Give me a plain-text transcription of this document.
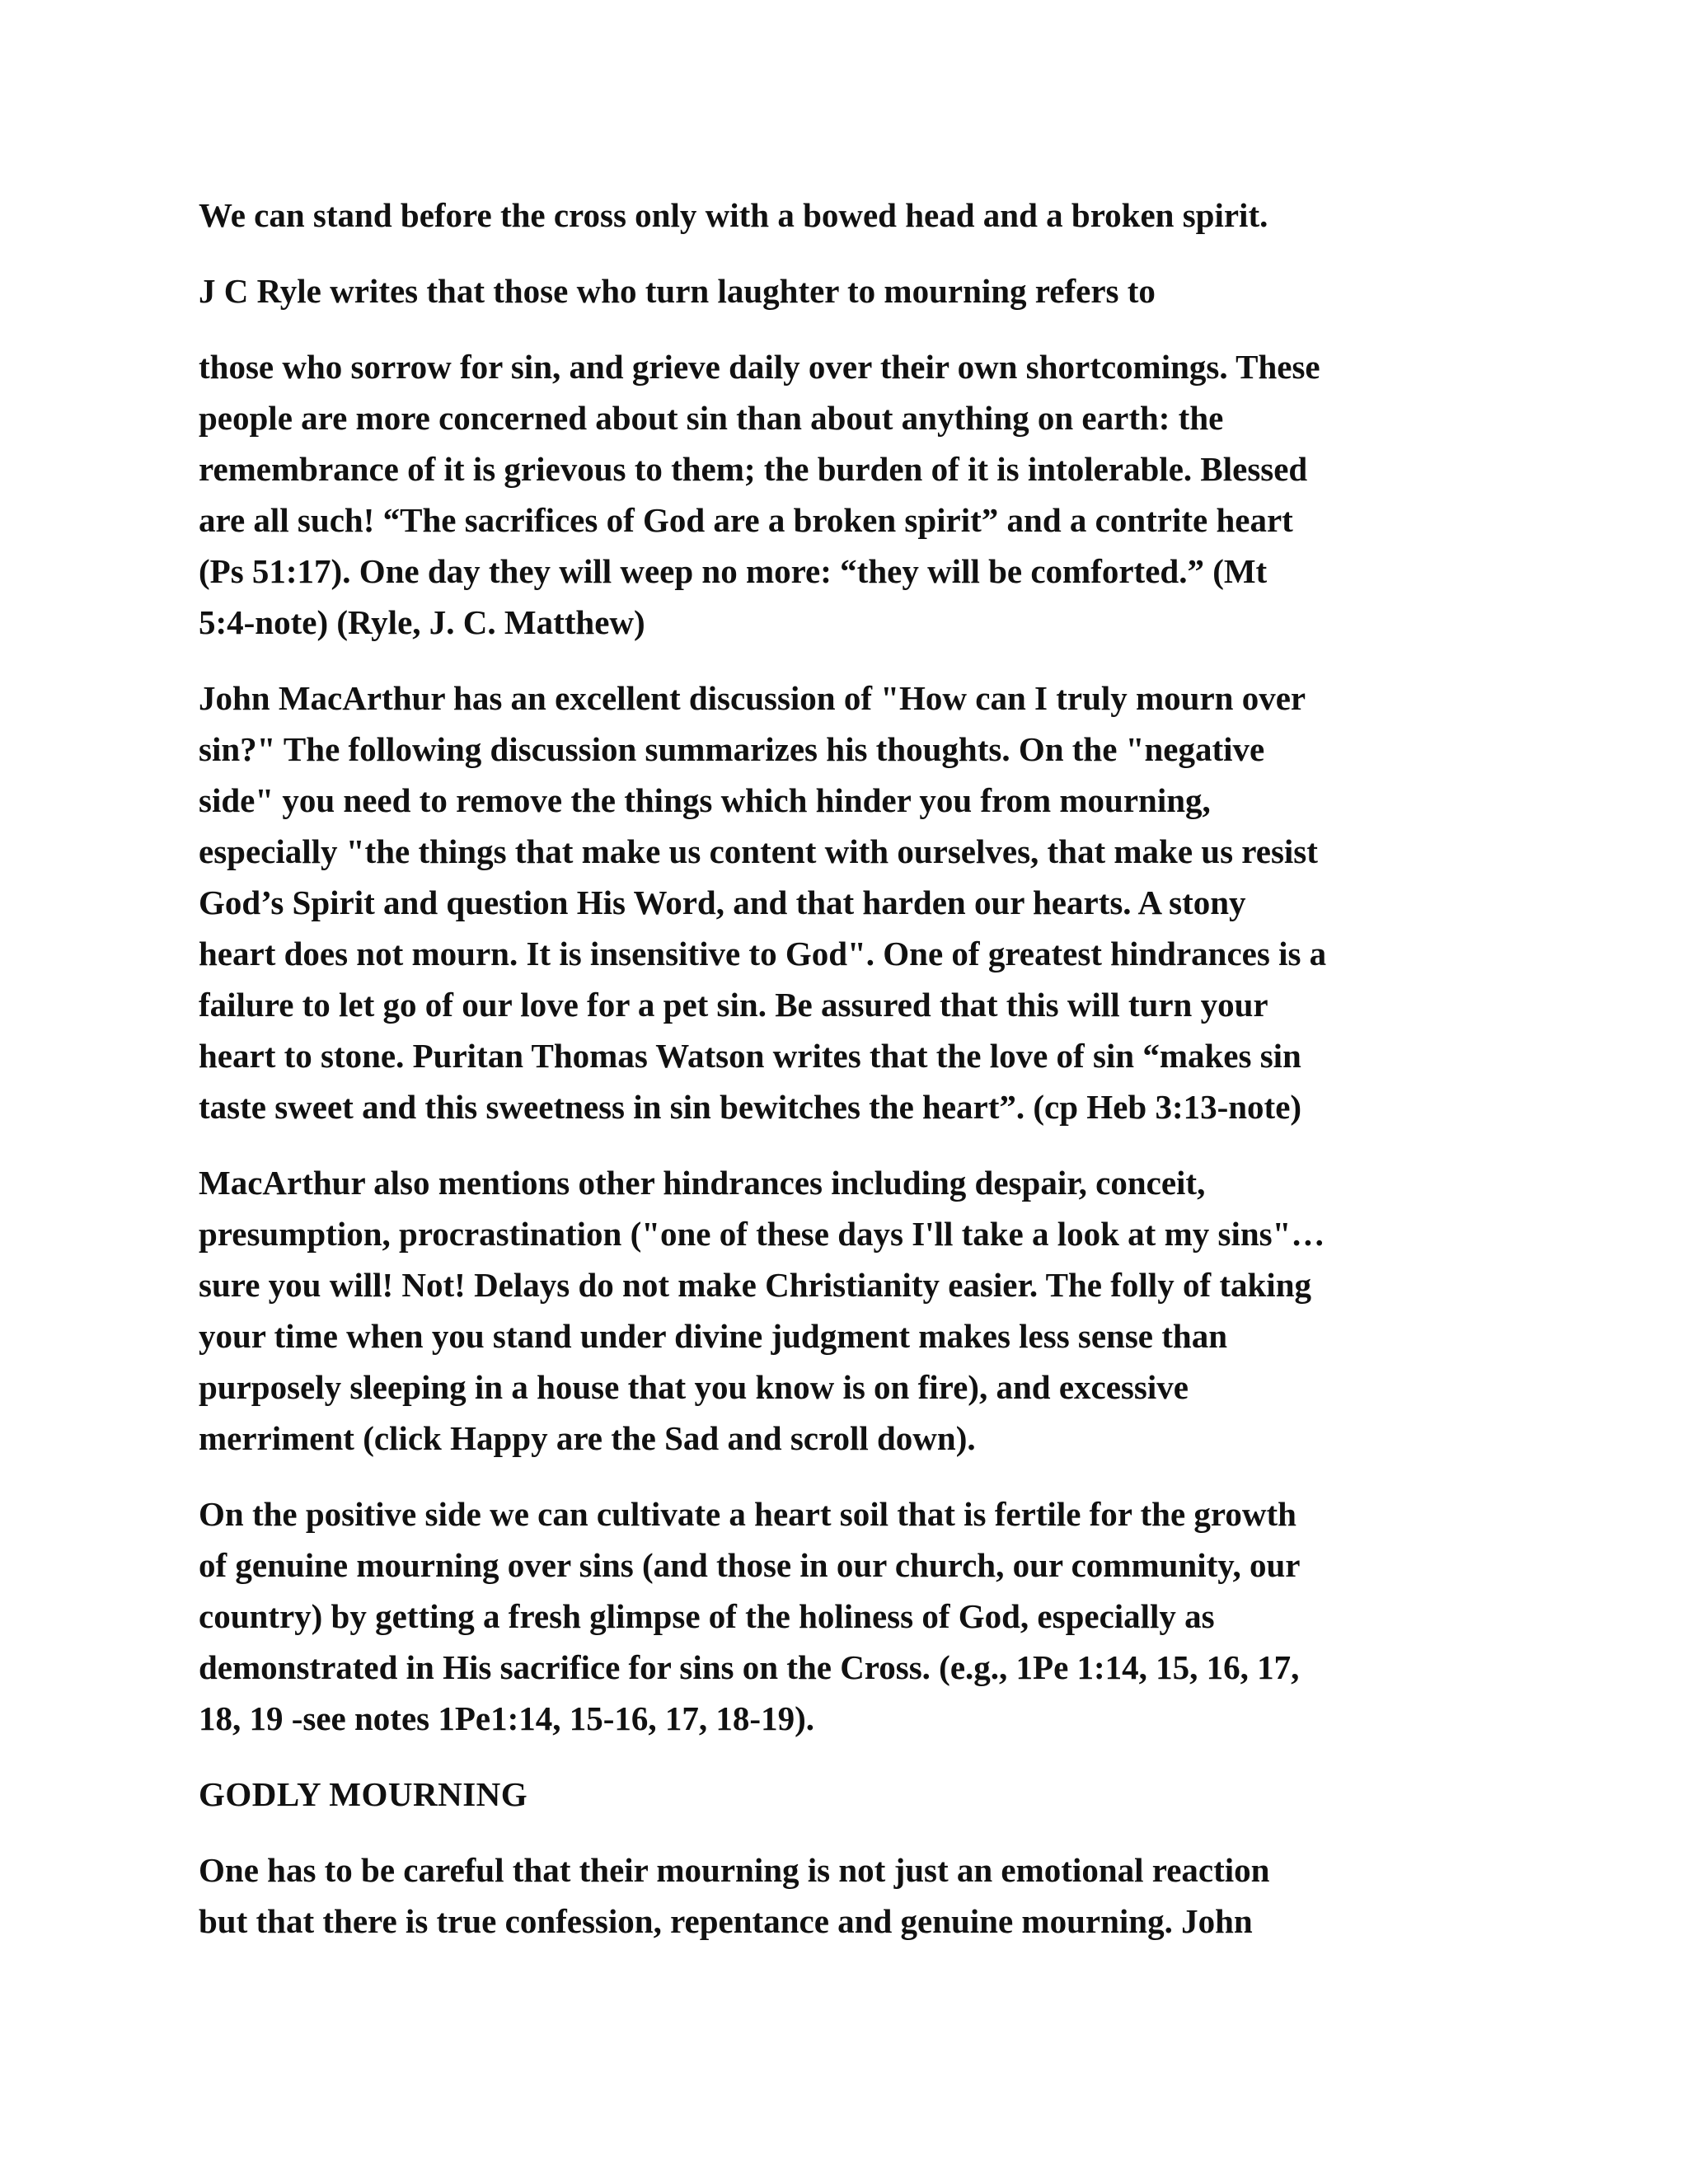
We can stand before the cross only with a bowed head and a broken spirit.

J C Ryle writes that those who turn laughter to mourning refers to

those who sorrow for sin, and grieve daily over their own shortcomings. These
people are more concerned about sin than about anything on earth: the
remembrance of it is grievous to them; the burden of it is intolerable. Blessed
are all such! “The sacrifices of God are a broken spirit” and a contrite heart
(Ps 51:17). One day they will weep no more: “they will be comforted.” (Mt
5:4-note) (Ryle, J. C. Matthew)

John MacArthur has an excellent discussion of "How can I truly mourn over
sin?" The following discussion summarizes his thoughts. On the "negative
side" you need to remove the things which hinder you from mourning,
especially "the things that make us content with ourselves, that make us resist
God’s Spirit and question His Word, and that harden our hearts. A stony
heart does not mourn. It is insensitive to God". One of greatest hindrances is a
failure to let go of our love for a pet sin. Be assured that this will turn your
heart to stone. Puritan Thomas Watson writes that the love of sin “makes sin
taste sweet and this sweetness in sin bewitches the heart”. (cp Heb 3:13-note)

MacArthur also mentions other hindrances including despair, conceit,
presumption, procrastination ("one of these days I'll take a look at my sins"…
sure you will! Not! Delays do not make Christianity easier. The folly of taking
your time when you stand under divine judgment makes less sense than
purposely sleeping in a house that you know is on fire), and excessive
merriment (click Happy are the Sad and scroll down).

On the positive side we can cultivate a heart soil that is fertile for the growth
of genuine mourning over sins (and those in our church, our community, our
country) by getting a fresh glimpse of the holiness of God, especially as
demonstrated in His sacrifice for sins on the Cross. (e.g., 1Pe 1:14, 15, 16, 17,
18, 19 -see notes 1Pe1:14, 15-16, 17, 18-19).

GODLY MOURNING

One has to be careful that their mourning is not just an emotional reaction
but that there is true confession, repentance and genuine mourning. John
